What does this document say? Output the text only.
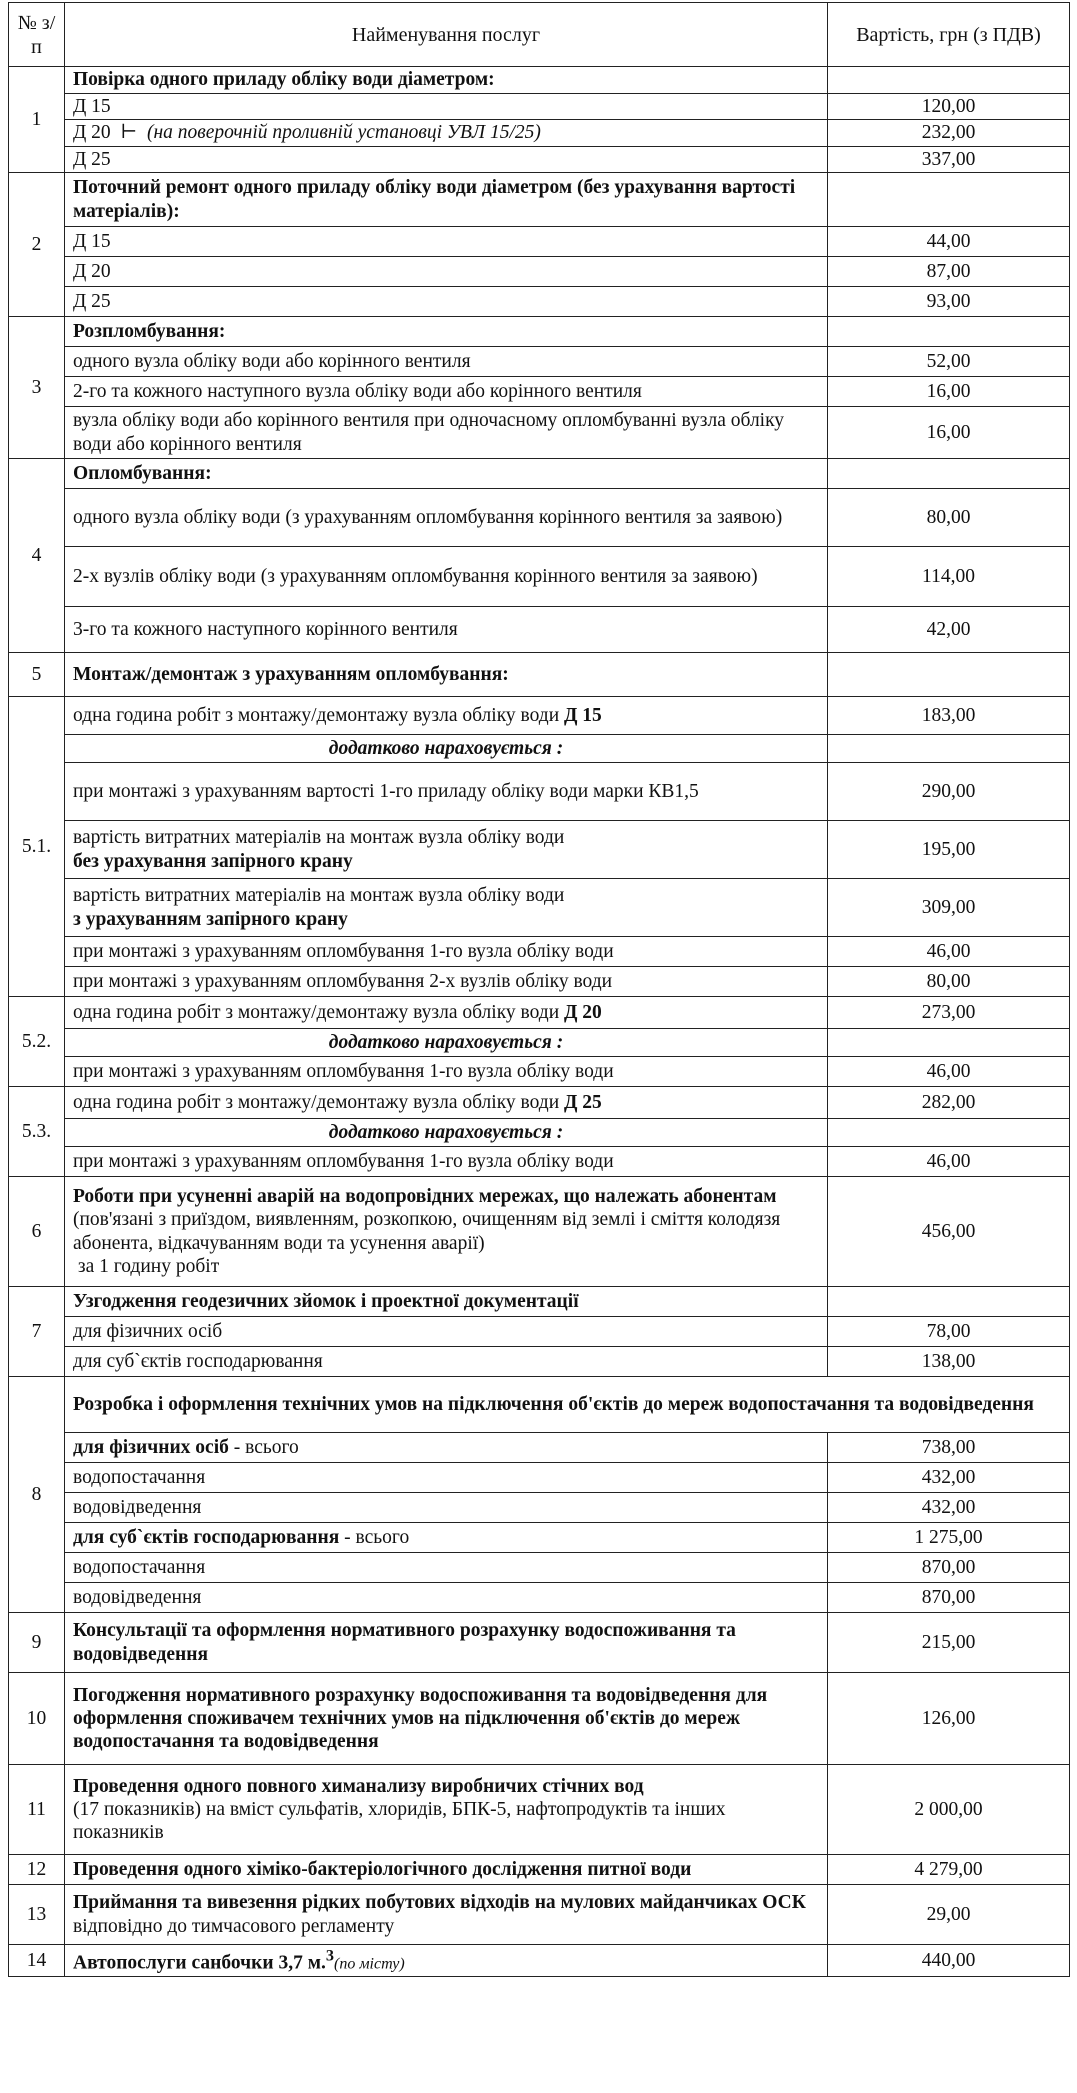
№ з/п	Найменування послуг	Вартість, грн (з ПДВ)
1	Повірка одного приладу обліку води діаметром:	
	Д 15	120,00
	Д 20  ⊢  (на поверочній проливній установці УВЛ 15/25)	232,00
	Д 25	337,00
2	Поточний ремонт одного приладу обліку води діаметром (без урахування вартості матеріалів):	
	Д 15	44,00
	Д 20	87,00
	Д 25	93,00
3	Розпломбування:	
	одного вузла обліку води або корінного вентиля	52,00
	2-го та кожного наступного вузла обліку води або корінного вентиля	16,00
	вузла обліку води або корінного вентиля при одночасному опломбуванні вузла обліку води або корінного вентиля	16,00
4	Опломбування:	
	одного вузла обліку води (з урахуванням опломбування корінного вентиля за заявою)	80,00
	2-х вузлів обліку води (з урахуванням опломбування корінного вентиля за заявою)	114,00
	3-го та кожного наступного корінного вентиля	42,00
5	Монтаж/демонтаж з урахуванням опломбування:	
5.1.	одна година робіт з монтажу/демонтажу вузла обліку води Д 15	183,00
	додатково нараховується :	
	при монтажі з урахуванням вартості 1-го приладу обліку води марки КВ1,5	290,00
	вартість витратних матеріалів на монтаж вузла обліку води
без урахування запірного крану	195,00
	вартість витратних матеріалів на монтаж вузла обліку води
з урахуванням запірного крану	309,00
	при монтажі з урахуванням опломбування 1-го вузла обліку води	46,00
	при монтажі з урахуванням опломбування 2-х вузлів обліку води	80,00
5.2.	одна година робіт з монтажу/демонтажу вузла обліку води Д 20	273,00
	додатково нараховується :	
	при монтажі з урахуванням опломбування 1-го вузла обліку води	46,00
5.3.	одна година робіт з монтажу/демонтажу вузла обліку води Д 25	282,00
	додатково нараховується :	
	при монтажі з урахуванням опломбування 1-го вузла обліку води	46,00
6	Роботи при усуненні аварій на водопровідних мережах, що належать абонентам (пов'язані з приїздом, виявленням, розкопкою, очищенням від землі і сміття колодязя абонента, відкачуванням води та усунення аварії)
за 1 годину робіт	456,00
7	Узгодження геодезичних зйомок і проектної документації	
	для фізичних осіб	78,00
	для суб`єктів господарювання	138,00
8	Розробка і оформлення технічних умов на підключення об'єктів до мереж водопостачання та водовідведення	
	для фізичних осіб - всього	738,00
	водопостачання	432,00
	водовідведення	432,00
	для суб`єктів господарювання - всього	1 275,00
	водопостачання	870,00
	водовідведення	870,00
9	Консультації та оформлення нормативного розрахунку водоспоживання та водовідведення	215,00
10	Погодження нормативного розрахунку водоспоживання та водовідведення для оформлення споживачем технічних умов на підключення об'єктів до мереж водопостачання та водовідведення	126,00
11	Проведення одного повного химанализу виробничих стічних вод
(17 показників) на вміст сульфатів, хлоридів, БПК-5, нафтопродуктів та інших показників	2 000,00
12	Проведення одного хіміко-бактеріологічного дослідження питної води	4 279,00
13	Приймання та вивезення рідких побутових відходів на мулових майданчиках ОСК відповідно до тимчасового регламенту	29,00
14	Автопослуги санбочки 3,7 м.$^3$(по місту)	440,00
